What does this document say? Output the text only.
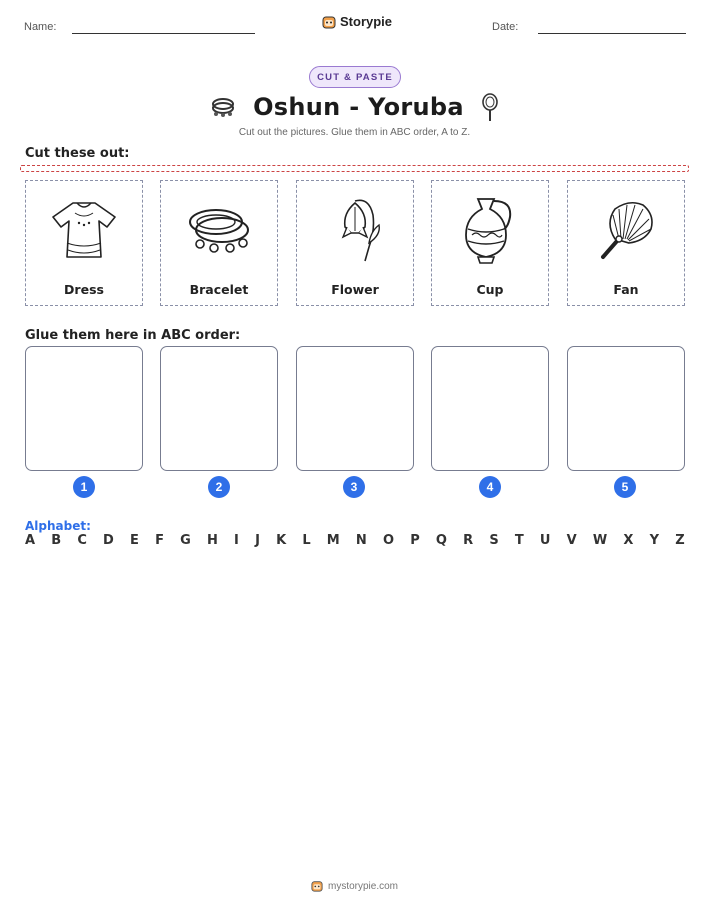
Name:	Storypie	Date:
CUT & PASTE
Oshun - Yoruba
Cut out the pictures. Glue them in ABC order, A to Z.
Cut these out:
Dress	Bracelet	Flower	Cup	Fan
Glue them here in ABC order:
1	2	3	4	5
Alphabet:
A B C D E F G H I J K L M N O P Q R S T U V W X Y Z
mystorypie.com
